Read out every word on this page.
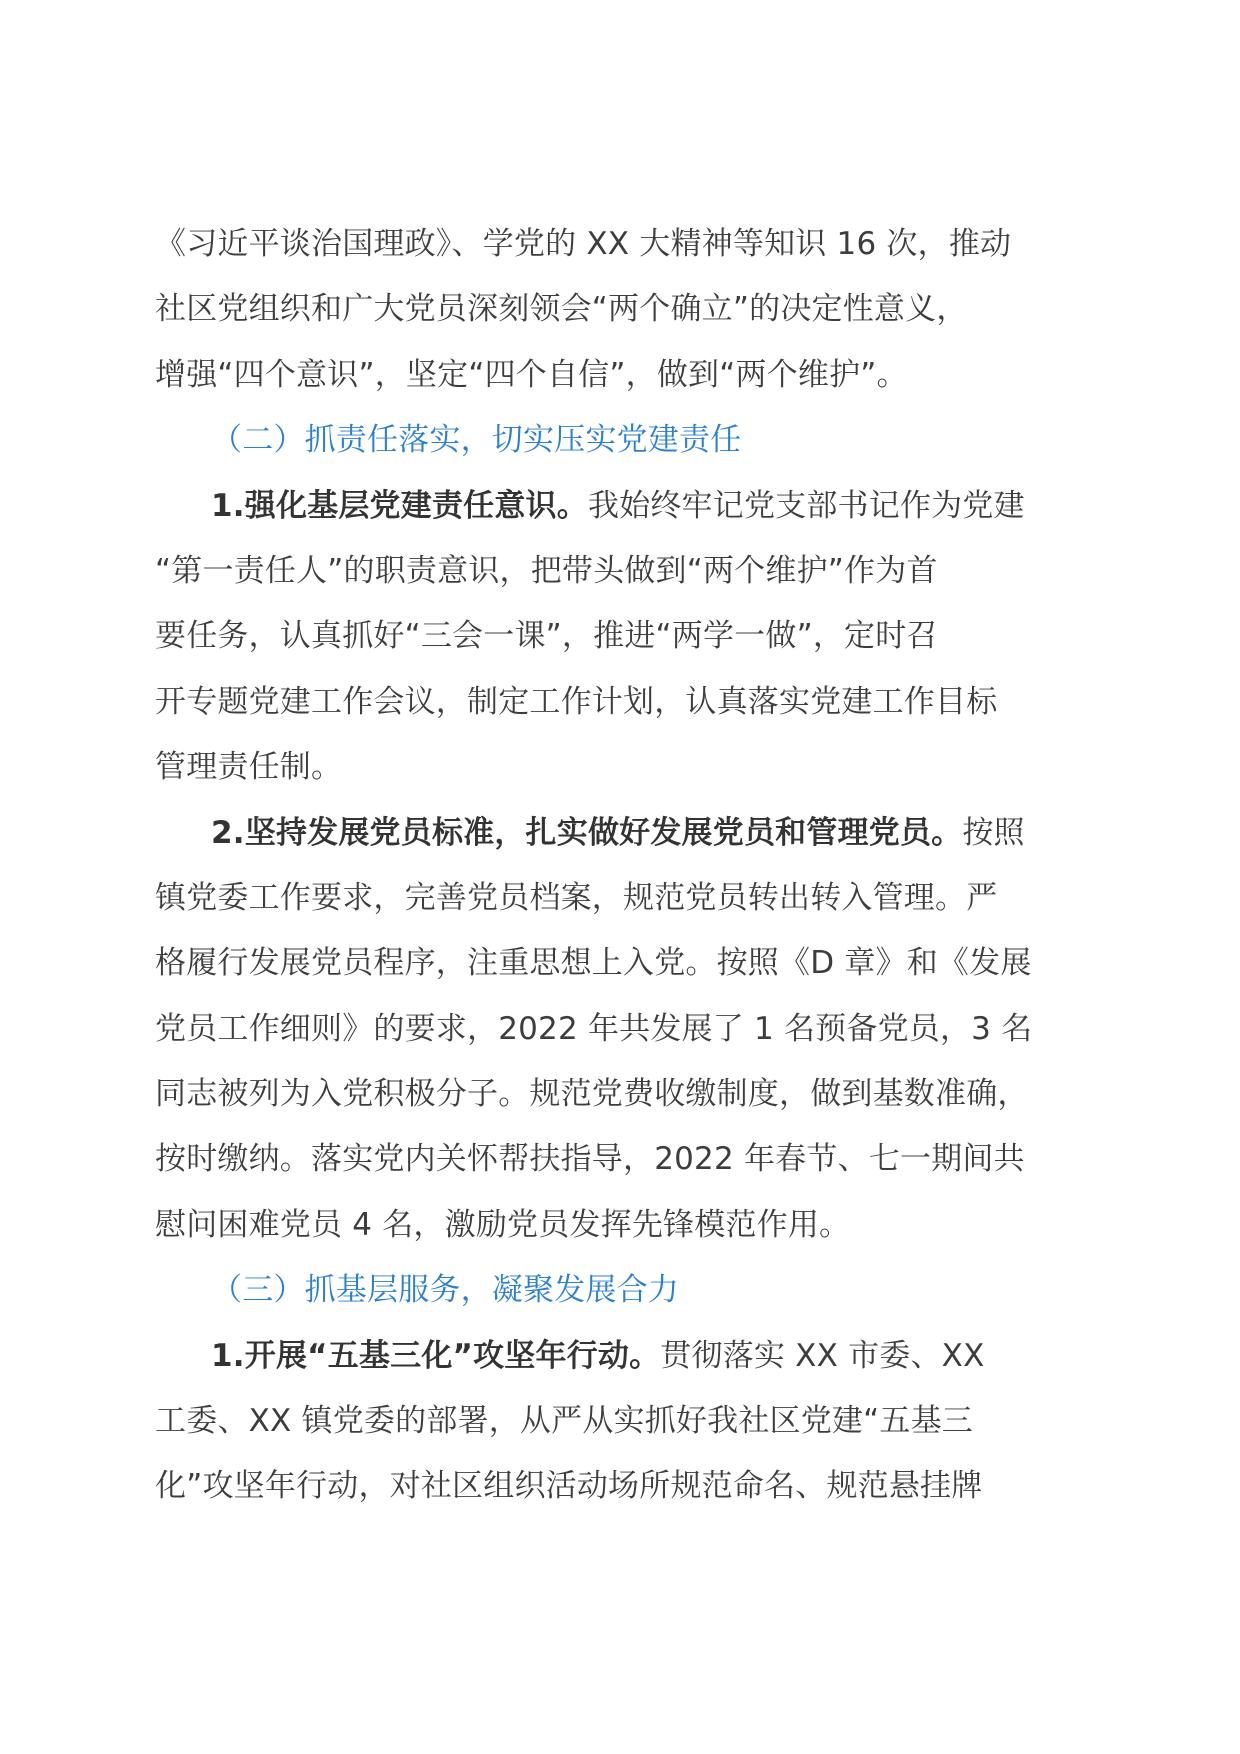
《习近平谈治国理政》、学党的 XX 大精神等知识 16 次，推动
社区党组织和广大党员深刻领会“两个确立”的决定性意义，
增强“四个意识”，坚定“四个自信”，做到“两个维护”。
（二）抓责任落实，切实压实党建责任
1.强化基层党建责任意识。我始终牢记党支部书记作为党建
“第一责任人”的职责意识，把带头做到“两个维护”作为首
要任务，认真抓好“三会一课”，推进“两学一做”，定时召
开专题党建工作会议，制定工作计划，认真落实党建工作目标
管理责任制。
2.坚持发展党员标准，扎实做好发展党员和管理党员。按照
镇党委工作要求，完善党员档案，规范党员转出转入管理。严
格履行发展党员程序，注重思想上入党。按照《D 章》和《发展
党员工作细则》的要求，2022 年共发展了 1 名预备党员，3 名
同志被列为入党积极分子。规范党费收缴制度，做到基数准确，
按时缴纳。落实党内关怀帮扶指导，2022 年春节、七一期间共
慰问困难党员 4 名，激励党员发挥先锋模范作用。
（三）抓基层服务，凝聚发展合力
1.开展“五基三化”攻坚年行动。贯彻落实 XX 市委、XX
工委、XX 镇党委的部署，从严从实抓好我社区党建“五基三
化”攻坚年行动，对社区组织活动场所规范命名、规范悬挂牌
